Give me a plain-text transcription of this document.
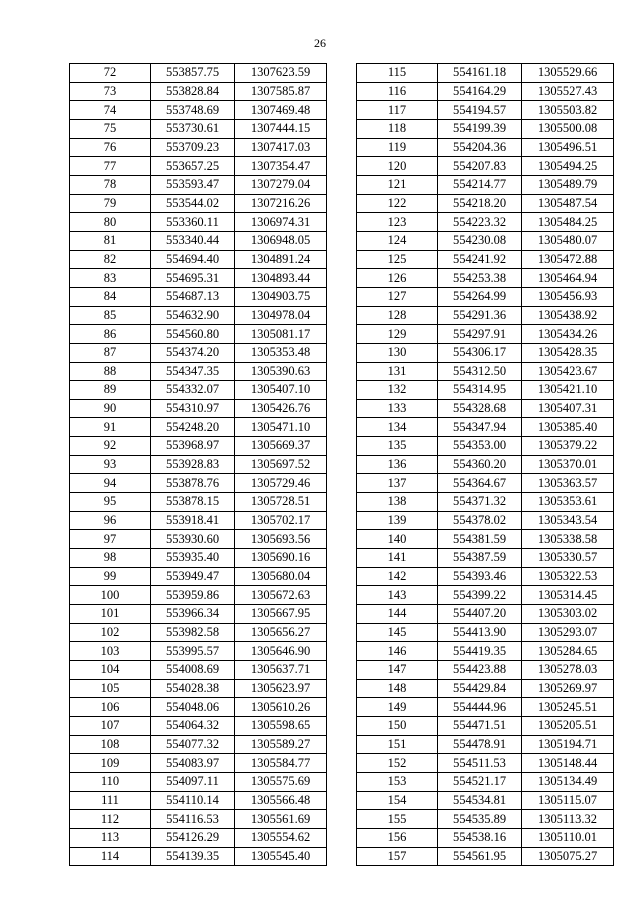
26
72	553857.75	1307623.59
73	553828.84	1307585.87
74	553748.69	1307469.48
75	553730.61	1307444.15
76	553709.23	1307417.03
77	553657.25	1307354.47
78	553593.47	1307279.04
79	553544.02	1307216.26
80	553360.11	1306974.31
81	553340.44	1306948.05
82	554694.40	1304891.24
83	554695.31	1304893.44
84	554687.13	1304903.75
85	554632.90	1304978.04
86	554560.80	1305081.17
87	554374.20	1305353.48
88	554347.35	1305390.63
89	554332.07	1305407.10
90	554310.97	1305426.76
91	554248.20	1305471.10
92	553968.97	1305669.37
93	553928.83	1305697.52
94	553878.76	1305729.46
95	553878.15	1305728.51
96	553918.41	1305702.17
97	553930.60	1305693.56
98	553935.40	1305690.16
99	553949.47	1305680.04
100	553959.86	1305672.63
101	553966.34	1305667.95
102	553982.58	1305656.27
103	553995.57	1305646.90
104	554008.69	1305637.71
105	554028.38	1305623.97
106	554048.06	1305610.26
107	554064.32	1305598.65
108	554077.32	1305589.27
109	554083.97	1305584.77
110	554097.11	1305575.69
111	554110.14	1305566.48
112	554116.53	1305561.69
113	554126.29	1305554.62
114	554139.35	1305545.40
115	554161.18	1305529.66
116	554164.29	1305527.43
117	554194.57	1305503.82
118	554199.39	1305500.08
119	554204.36	1305496.51
120	554207.83	1305494.25
121	554214.77	1305489.79
122	554218.20	1305487.54
123	554223.32	1305484.25
124	554230.08	1305480.07
125	554241.92	1305472.88
126	554253.38	1305464.94
127	554264.99	1305456.93
128	554291.36	1305438.92
129	554297.91	1305434.26
130	554306.17	1305428.35
131	554312.50	1305423.67
132	554314.95	1305421.10
133	554328.68	1305407.31
134	554347.94	1305385.40
135	554353.00	1305379.22
136	554360.20	1305370.01
137	554364.67	1305363.57
138	554371.32	1305353.61
139	554378.02	1305343.54
140	554381.59	1305338.58
141	554387.59	1305330.57
142	554393.46	1305322.53
143	554399.22	1305314.45
144	554407.20	1305303.02
145	554413.90	1305293.07
146	554419.35	1305284.65
147	554423.88	1305278.03
148	554429.84	1305269.97
149	554444.96	1305245.51
150	554471.51	1305205.51
151	554478.91	1305194.71
152	554511.53	1305148.44
153	554521.17	1305134.49
154	554534.81	1305115.07
155	554535.89	1305113.32
156	554538.16	1305110.01
157	554561.95	1305075.27
